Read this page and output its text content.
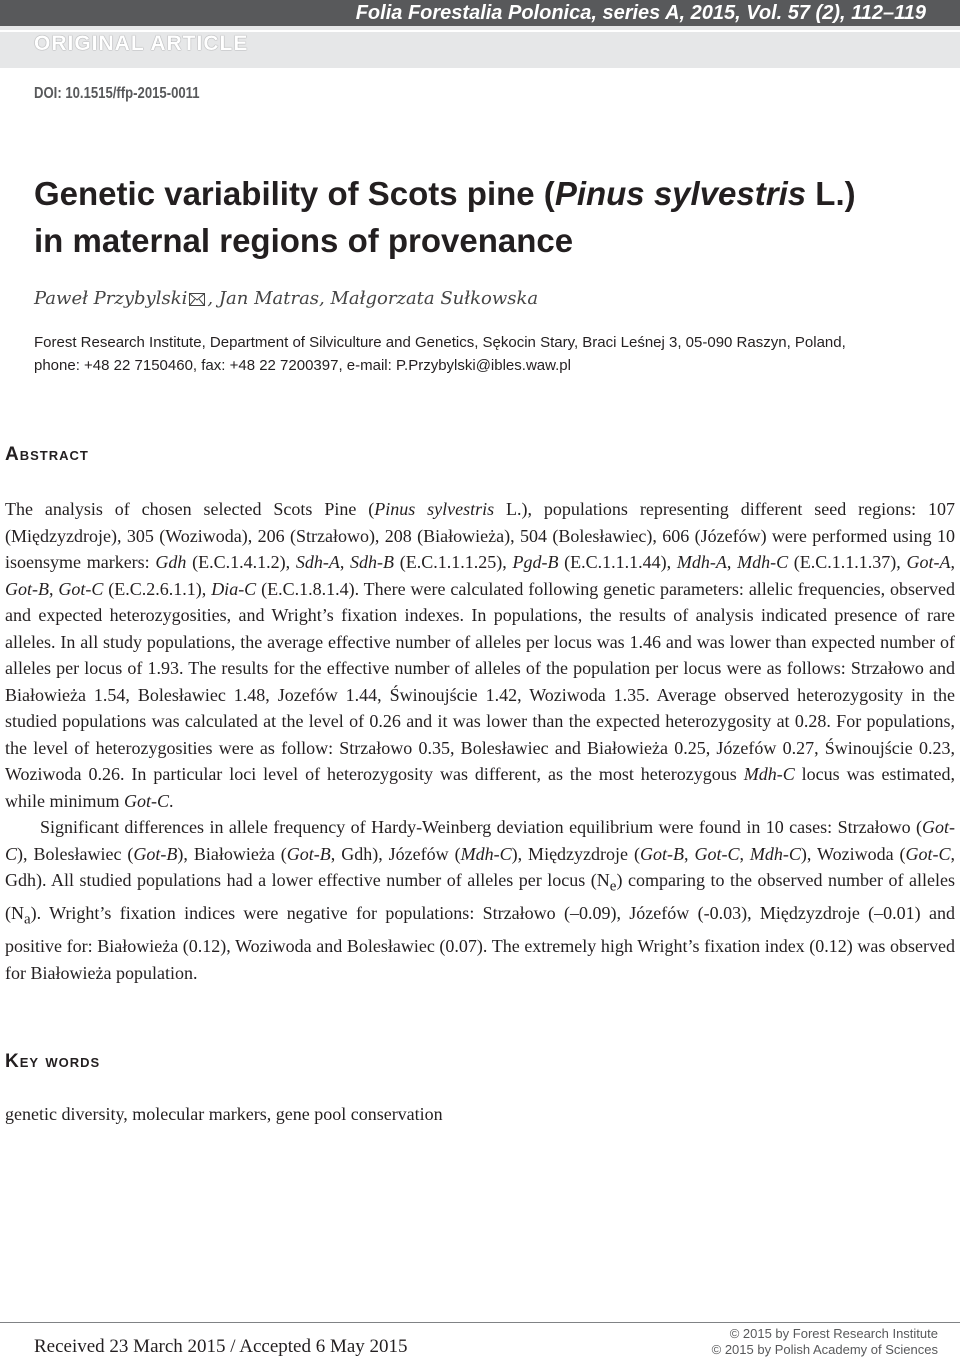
ORIGINAL ARTICLE
Folia Forestalia Polonica, series A, 2015, Vol. 57 (2), 112–119
DOI: 10.1515/ffp-2015-0011
Genetic variability of Scots pine (Pinus sylvestris L.)
in maternal regions of provenance
Paweł Przybylski , Jan Matras, Małgorzata Sułkowska
Forest Research Institute, Department of Silviculture and Genetics, Sękocin Stary, Braci Leśnej 3, 05-090 Raszyn, Poland,
phone: +48 22 7150460, fax: +48 22 7200397, e-mail: P.Przybylski@ibles.waw.pl
Abstract

The analysis of chosen selected Scots Pine (Pinus sylvestris L.), populations representing different seed regions: 107 (Międzyzdroje), 305 (Woziwoda), 206 (Strzałowo), 208 (Białowieża), 504 (Bolesławiec), 606 (Józefów) were performed using 10 isoensyme markers: Gdh (E.C.1.4.1.2), Sdh-A, Sdh-B (E.C.1.1.1.25), Pgd-B (E.C.1.1.1.44), Mdh-A, Mdh-C (E.C.1.1.1.37), Got-A, Got-B, Got-C (E.C.2.6.1.1), Dia-C (E.C.1.8.1.4). There were calculated following genetic parameters: allelic frequencies, observed and expected heterozygosities, and Wright’s fixation indexes. In populations, the results of analysis indicated presence of rare alleles. In all study populations, the average effective number of alleles per locus was 1.46 and was lower than expected number of alleles per locus of 1.93. The results for the effective number of alleles of the population per locus were as follows: Strzałowo and Białowieża 1.54, Bolesławiec 1.48, Jozefów 1.44, Świnoujście 1.42, Woziwoda 1.35. Average observed heterozygosity in the studied populations was calculated at the level of 0.26 and it was lower than the expected heterozygosity at 0.28. For populations, the level of heterozygosities were as follow: Strzałowo 0.35, Bolesławiec and Białowieża 0.25, Józefów 0.27, Świnoujście 0.23, Woziwoda 0.26. In particular loci level of heterozygosity was different, as the most heterozygous Mdh-C locus was estimated, while minimum Got-C.

Significant differences in allele frequency of Hardy-Weinberg deviation equilibrium were found in 10 cases: Strzałowo (Got-C), Bolesławiec (Got-B), Białowieża (Got-B, Gdh), Józefów (Mdh-C), Międzyzdroje (Got-B, Got-C, Mdh-C), Woziwoda (Got-C, Gdh). All studied populations had a lower effective number of alleles per locus $(N_e)$ comparing to the observed number of alleles $(N_a)$. Wright’s fixation indices were negative for populations: Strzałowo (–0.09), Józefów (-0.03), Międzyzdroje (–0.01) and positive for: Białowieża (0.12), Woziwoda and Bolesławiec (0.07). The extremely high Wright’s fixation index (0.12) was observed for Białowieża population.

Key words
genetic diversity, molecular markers, gene pool conservation
Received 23 March 2015 / Accepted 6 May 2015
© 2015 by Forest Research Institute
© 2015 by Polish Academy of Sciences
